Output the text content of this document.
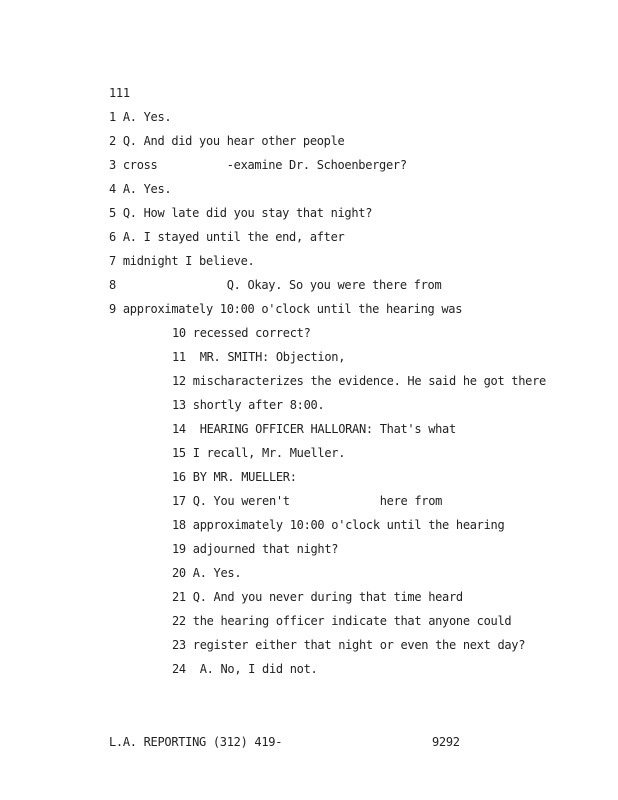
111
1 A. Yes.
2 Q. And did you hear other people
3 cross          -examine Dr. Schoenberger?
4 A. Yes.
5 Q. How late did you stay that night?
6 A. I stayed until the end, after
7 midnight I believe.
8                Q. Okay. So you were there from
9 approximately 10:00 o'clock until the hearing was
10 recessed correct?
11  MR. SMITH: Objection,
12 mischaracterizes the evidence. He said he got there
13 shortly after 8:00.
14  HEARING OFFICER HALLORAN: That's what
15 I recall, Mr. Mueller.
16 BY MR. MUELLER:
17 Q. You weren't             here from
18 approximately 10:00 o'clock until the hearing
19 adjourned that night?
20 A. Yes.
21 Q. And you never during that time heard
22 the hearing officer indicate that anyone could
23 register either that night or even the next day?
24  A. No, I did not.
L.A. REPORTING (312) 419-	9292
